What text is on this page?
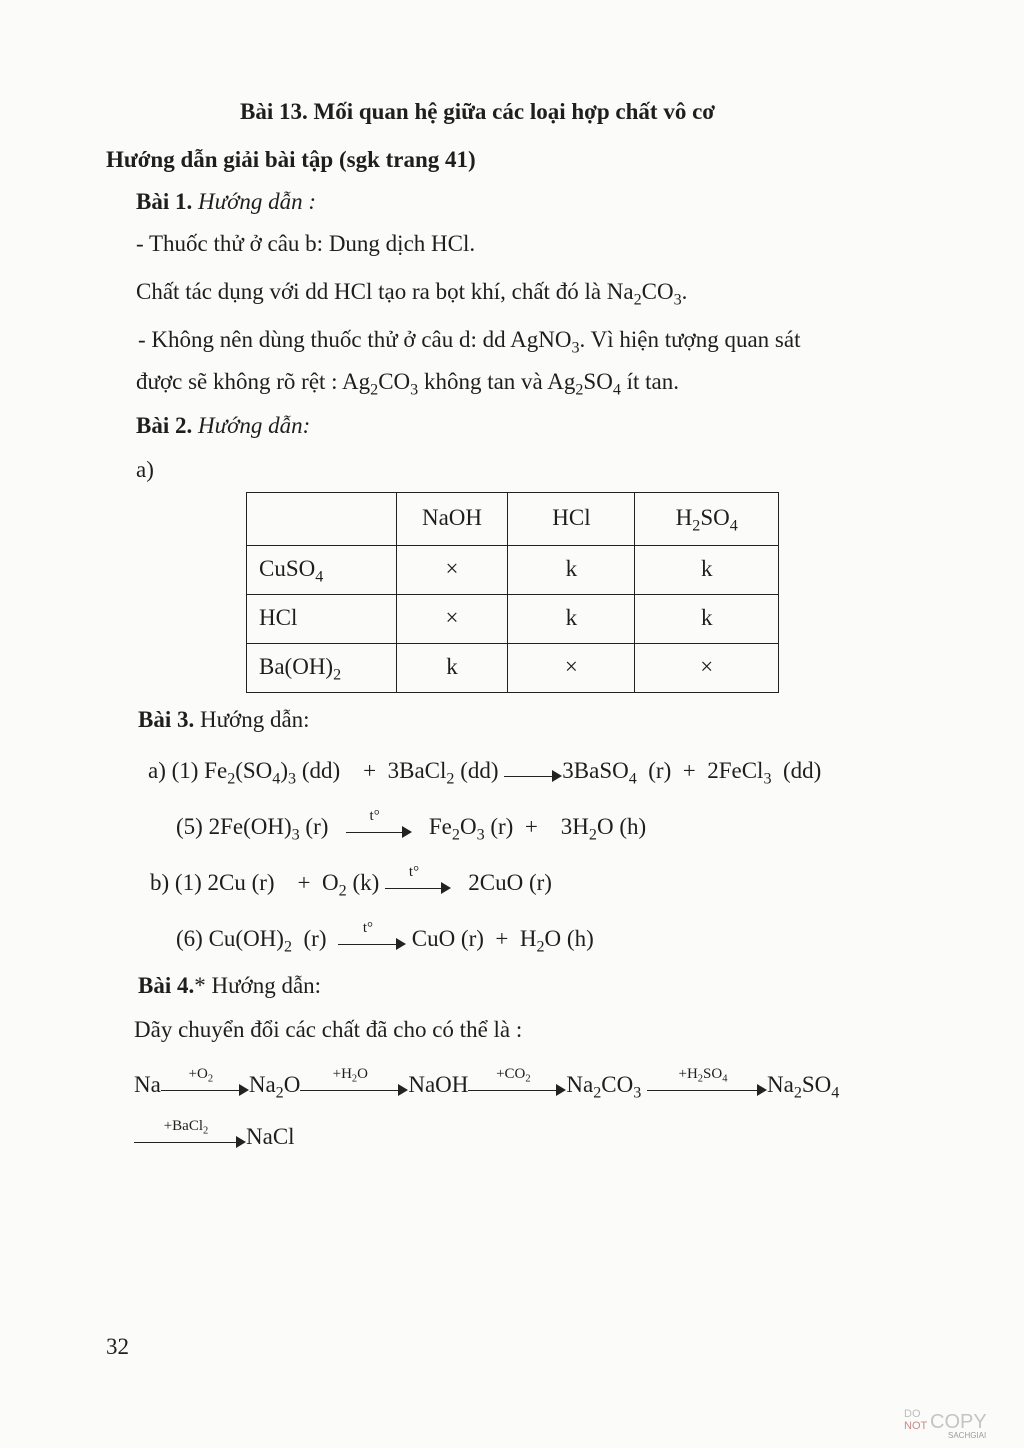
Bài 13. Mối quan hệ giữa các loại hợp chất vô cơ
Hướng dẫn giải bài tập (sgk trang 41)
Bài 1. Hướng dẫn :
- Thuốc thử ở câu b: Dung dịch HCl.
Chất tác dụng với dd HCl tạo ra bọt khí, chất đó là $Na_2CO_3$.
- Không nên dùng thuốc thử ở câu d: dd AgNO$_3$. Vì hiện tượng quan sát
được sẽ không rõ rệt : $Ag_2CO_3$ không tan và $Ag_2SO_4$ ít tan.
Bài 2. Hướng dẫn:
a)
	NaOH	HCl	$H_2SO_4$
CuSO$_4$	×	k	k
HCl	×	k	k
$Ba(OH)_2$	k	×	×
Bài 3. Hướng dẫn:
a) (1) $Fe_2(SO_4)_3$ (dd)    +  3BaCl$_2$ (dd)	3BaSO$_4$  (r)  +  2FeCl$_3$  (dd)
(5) $2Fe(OH)_3$ (r)	t°	$Fe_2O_3$ (r)  +    $3H_2O$ (h)
b) (1) 2Cu (r)    +  $O_2$ (k)	t°	2CuO (r)
(6) $Cu(OH)_2$  (r)	t°	CuO $(r) + H_2O$ (h)
Bài 4.* Hướng dẫn:
Dãy chuyển đổi các chất đã cho có thể là :
Na	$+O_2$	$Na_2O$	$+H_2O$	NaOH	$+CO_2$	$Na_2CO_3$
$+H_2SO_4$	$Na_2SO_4$
+BaCl$_2$	NaCl
32
DO
NOT COPY
SACHGIAI
